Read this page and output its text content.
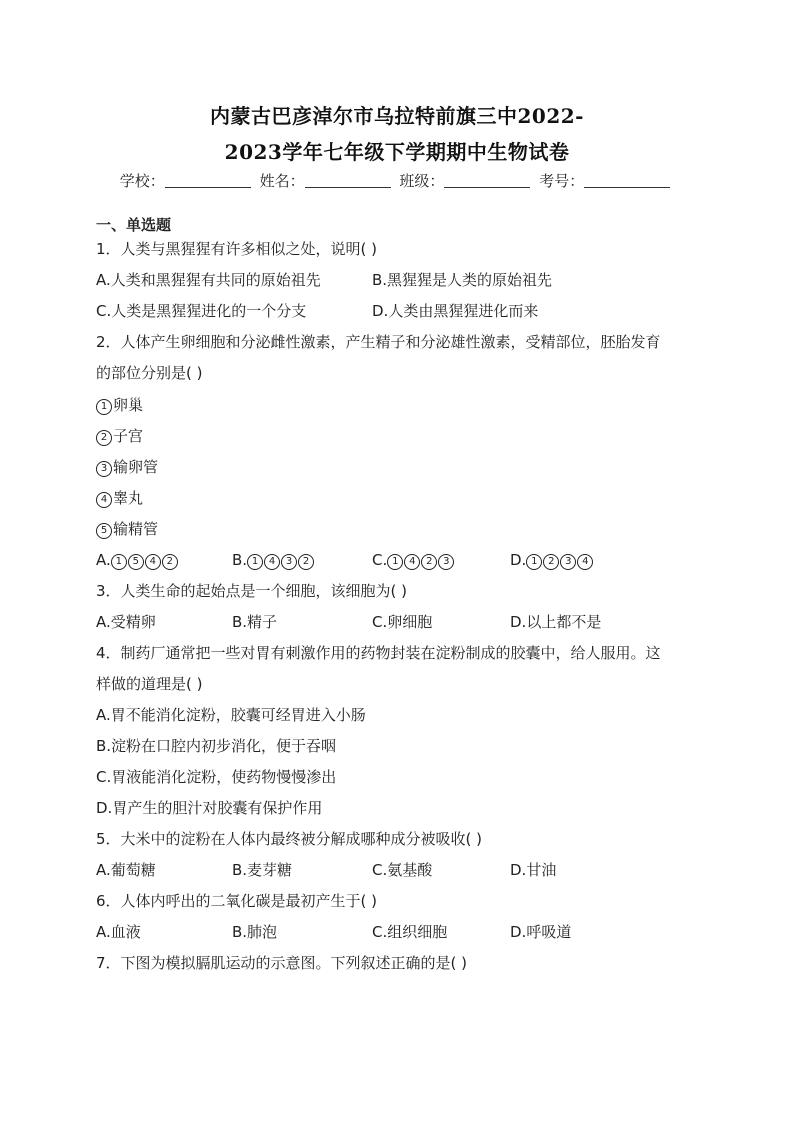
内蒙古巴彦淖尔市乌拉特前旗三中2022-
2023学年七年级下学期期中生物试卷
学校：	姓名：	班级：	考号：
一、单选题
1．人类与黑猩猩有许多相似之处，说明( )
A.人类和黑猩猩有共同的原始祖先	B.黑猩猩是人类的原始祖先
C.人类是黑猩猩进化的一个分支	D.人类由黑猩猩进化而来
2．人体产生卵细胞和分泌雌性激素，产生精子和分泌雄性激素，受精部位，胚胎发育
的部位分别是( )
1 卵巢
2 子宫
3 输卵管
4 睾丸
5 输精管
A. 1 5 4 2	B. 1 4 3 2	C. 1 4 2 3	D. 1 2 3 4
3．人类生命的起始点是一个细胞，该细胞为( )
A.受精卵	B.精子	C.卵细胞	D.以上都不是
4．制药厂通常把一些对胃有刺激作用的药物封装在淀粉制成的胶囊中，给人服用。这
样做的道理是( )
A.胃不能消化淀粉，胶囊可经胃进入小肠
B.淀粉在口腔内初步消化，便于吞咽
C.胃液能消化淀粉，使药物慢慢渗出
D.胃产生的胆汁对胶囊有保护作用
5．大米中的淀粉在人体内最终被分解成哪种成分被吸收( )
A.葡萄糖	B.麦芽糖	C.氨基酸	D.甘油
6．人体内呼出的二氧化碳是最初产生于( )
A.血液	B.肺泡	C.组织细胞	D.呼吸道
7．下图为模拟膈肌运动的示意图。下列叙述正确的是( )
